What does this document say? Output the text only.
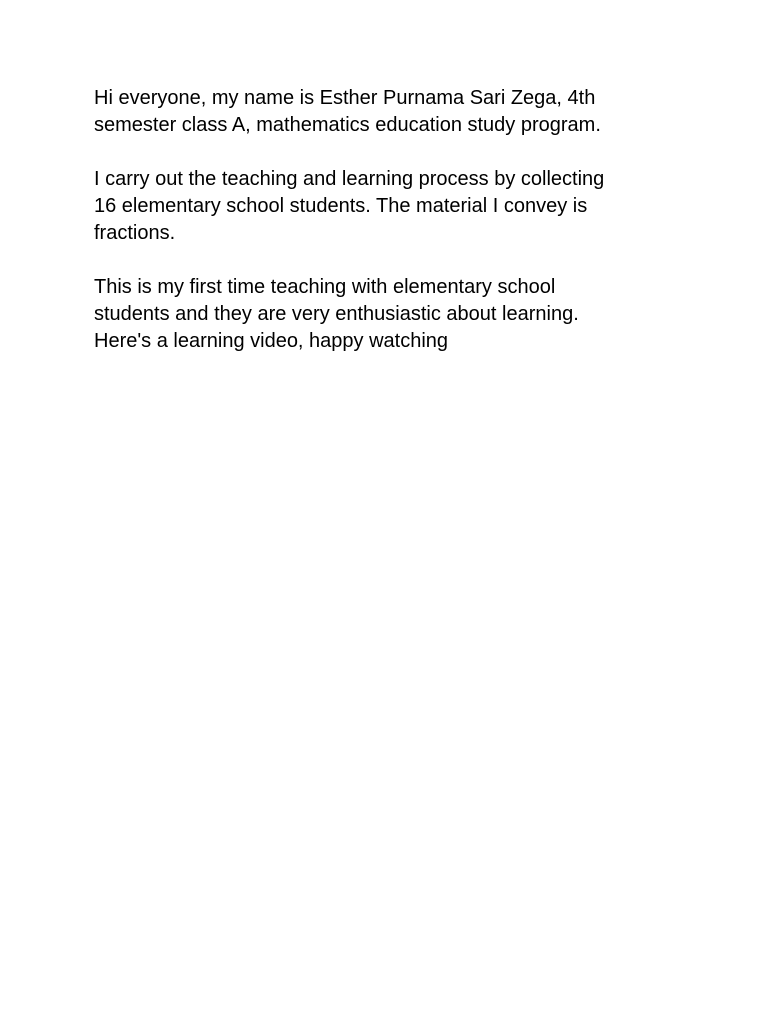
Hi everyone, my name is Esther Purnama Sari Zega, 4th
semester class A, mathematics education study program.

I carry out the teaching and learning process by collecting
16 elementary school students. The material I convey is
fractions.

This is my first time teaching with elementary school
students and they are very enthusiastic about learning.
Here's a learning video, happy watching
